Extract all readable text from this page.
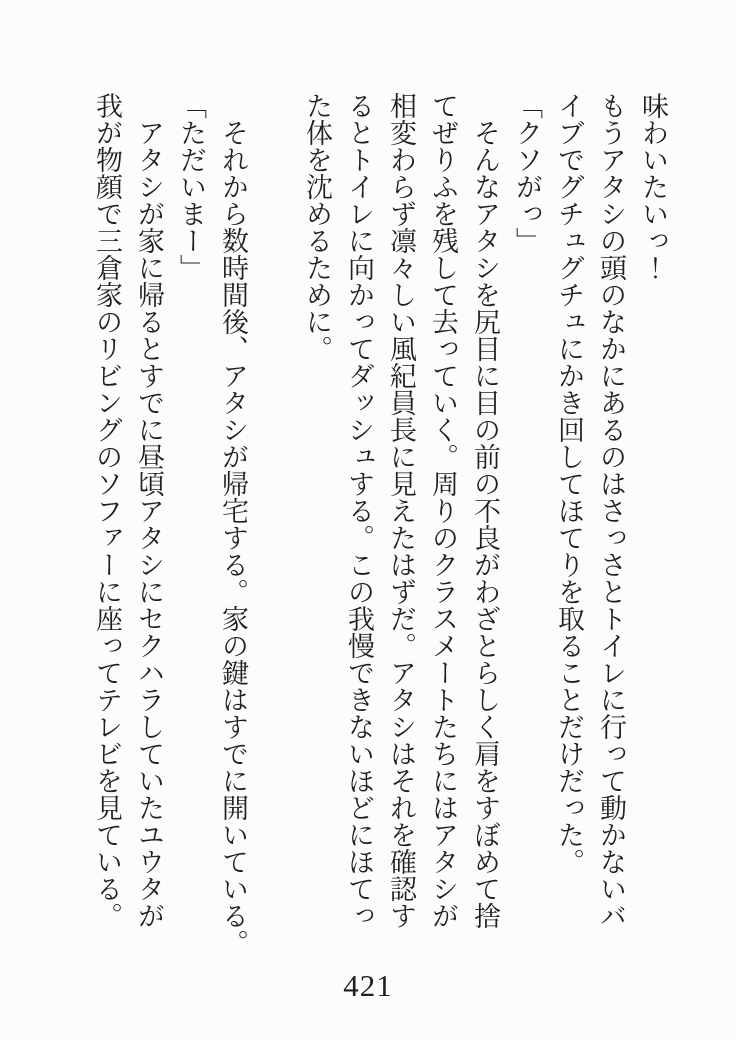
味わいたいっ！

もうアタシの頭のなかにあるのはさっさとトイレに行って動かないバ

イブでグチュグチュにかき回してほてりを取ることだけだった。

「クソがっ」

そんなアタシを尻目に目の前の不良がわざとらしく肩をすぼめて捨

てぜりふを残して去っていく。周りのクラスメートたちにはアタシが

相変わらず凛々しい風紀員長に見えたはずだ。アタシはそれを確認す

るとトイレに向かってダッシュする。この我慢できないほどにほてっ

た体を沈めるために。

それから数時間後、アタシが帰宅する。家の鍵はすでに開いている。

「ただいまー」

アタシが家に帰るとすでに昼頃アタシにセクハラしていたユウタが

我が物顔で三倉家のリビングのソファーに座ってテレビを見ている。

421
